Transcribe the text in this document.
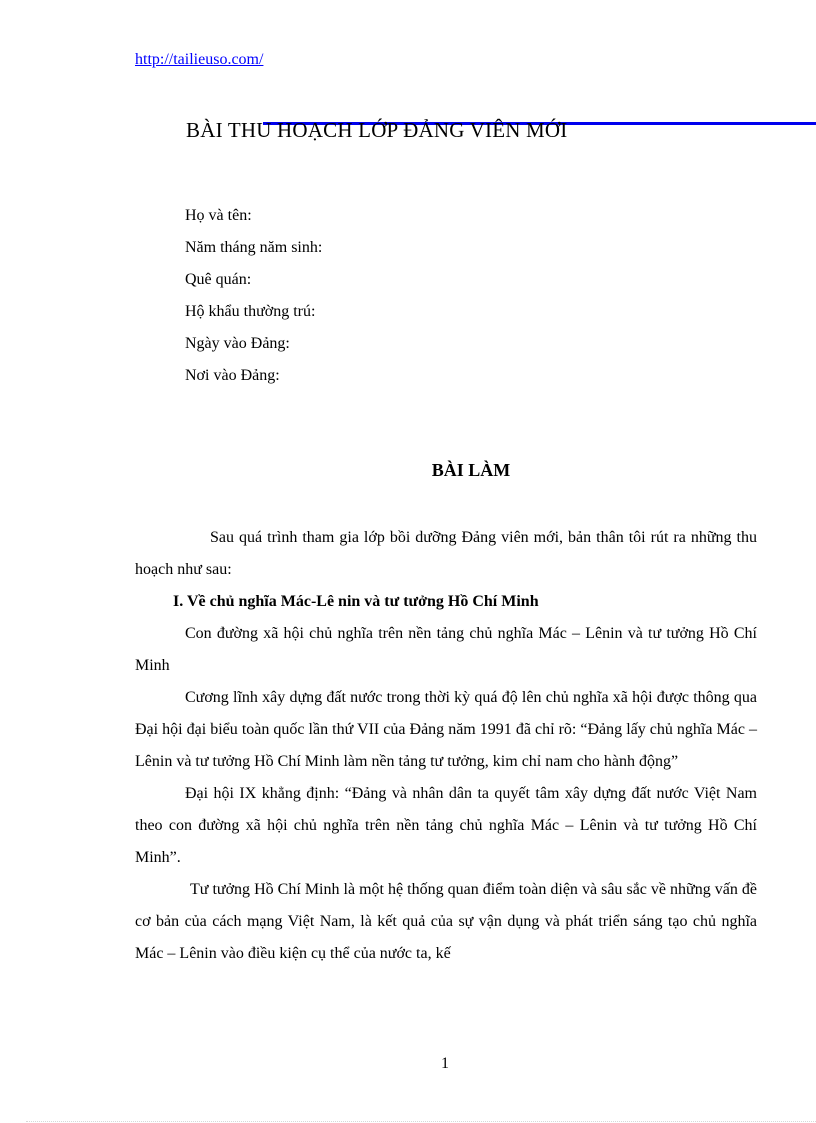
http://tailieuso.com/
BÀI THU HOẠCH LỚP ĐẢNG VIÊN MỚI
Họ và tên:
Năm tháng năm sinh:
Quê quán:
Hộ khẩu thường trú:
Ngày vào Đảng:
Nơi vào Đảng:
BÀI LÀM

Sau quá trình tham gia lớp bồi dưỡng Đảng viên mới, bản thân tôi rút ra những thu hoạch như sau:

I. Về chủ nghĩa Mác-Lê nin và tư tưởng Hồ Chí Minh

Con đường xã hội chủ nghĩa trên nền tảng chủ nghĩa Mác – Lênin và tư tưởng Hồ Chí Minh

Cương lĩnh xây dựng đất nước trong thời kỳ quá độ lên chủ nghĩa xã hội được thông qua Đại hội đại biểu toàn quốc lần thứ VII của Đảng năm 1991 đã chỉ rõ: “Đảng lấy chủ nghĩa Mác – Lênin và tư tưởng Hồ Chí Minh làm nền tảng tư tưởng, kim chỉ nam cho hành động”

Đại hội IX khẳng định: “Đảng và nhân dân ta quyết tâm xây dựng đất nước Việt Nam theo con đường xã hội chủ nghĩa trên nền tảng chủ nghĩa Mác – Lênin và tư tưởng Hồ Chí Minh”.

Tư tưởng Hồ Chí Minh là một hệ thống quan điểm toàn diện và sâu sắc về những vấn đề cơ bản của cách mạng Việt Nam, là kết quả của sự vận dụng và phát triển sáng tạo chủ nghĩa Mác – Lênin vào điều kiện cụ thể của nước ta, kế

1
